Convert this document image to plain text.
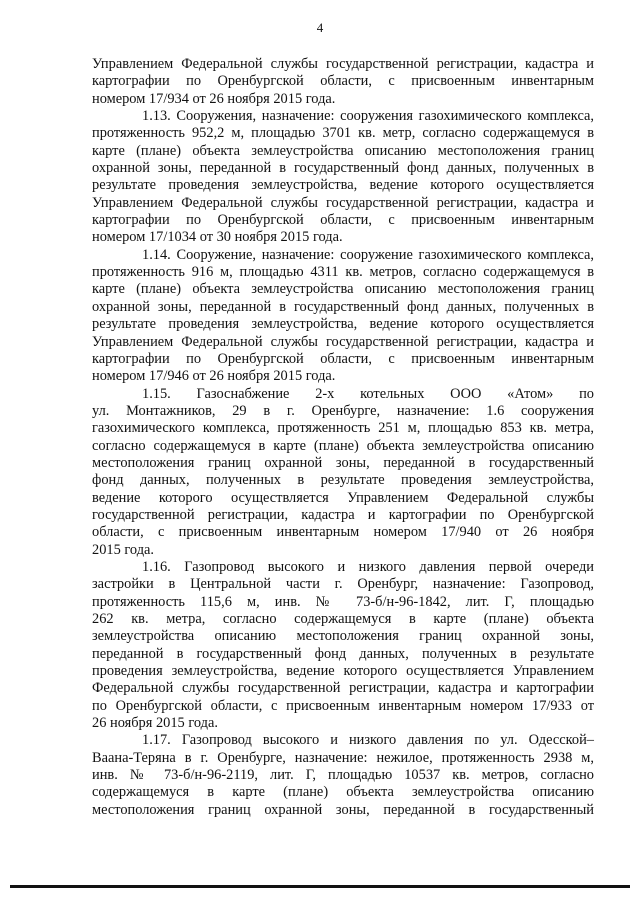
4
Управлением Федеральной службы государственной регистрации, кадастра и
картографии по Оренбургской области, с присвоенным инвентарным
номером 17/934 от 26 ноября 2015 года.
1.13. Сооружения, назначение: сооружения газохимического комплекса,
протяженность 952,2 м, площадью 3701 кв. метр, согласно содержащемуся в
карте (плане) объекта землеустройства описанию местоположения границ
охранной зоны, переданной в государственный фонд данных, полученных в
результате проведения землеустройства, ведение которого осуществляется
Управлением Федеральной службы государственной регистрации, кадастра и
картографии по Оренбургской области, с присвоенным инвентарным
номером 17/1034 от 30 ноября 2015 года.
1.14. Сооружение, назначение: сооружение газохимического комплекса,
протяженность 916 м, площадью 4311 кв. метров, согласно содержащемуся в
карте (плане) объекта землеустройства описанию местоположения границ
охранной зоны, переданной в государственный фонд данных, полученных в
результате проведения землеустройства, ведение которого осуществляется
Управлением Федеральной службы государственной регистрации, кадастра и
картографии по Оренбургской области, с присвоенным инвентарным
номером 17/946 от 26 ноября 2015 года.
1.15. Газоснабжение 2-х котельных ООО «Атом» по
ул. Монтажников, 29 в г. Оренбурге, назначение: 1.6 сооружения
газохимического комплекса, протяженность 251 м, площадью 853 кв. метра,
согласно содержащемуся в карте (плане) объекта землеустройства описанию
местоположения границ охранной зоны, переданной в государственный
фонд данных, полученных в результате проведения землеустройства,
ведение которого осуществляется Управлением Федеральной службы
государственной регистрации, кадастра и картографии по Оренбургской
области, с присвоенным инвентарным номером 17/940 от 26 ноября
2015 года.
1.16. Газопровод высокого и низкого давления первой очереди
застройки в Центральной части г. Оренбург, назначение: Газопровод,
протяженность 115,6 м, инв. № 73-б/н-96-1842, лит. Г, площадью
262 кв. метра, согласно содержащемуся в карте (плане) объекта
землеустройства описанию местоположения границ охранной зоны,
переданной в государственный фонд данных, полученных в результате
проведения землеустройства, ведение которого осуществляется Управлением
Федеральной службы государственной регистрации, кадастра и картографии
по Оренбургской области, с присвоенным инвентарным номером 17/933 от
26 ноября 2015 года.
1.17. Газопровод высокого и низкого давления по ул. Одесской–
Ваана-Теряна в г. Оренбурге, назначение: нежилое, протяженность 2938 м,
инв. № 73-б/н-96-2119, лит. Г, площадью 10537 кв. метров, согласно
содержащемуся в карте (плане) объекта землеустройства описанию
местоположения границ охранной зоны, переданной в государственный
